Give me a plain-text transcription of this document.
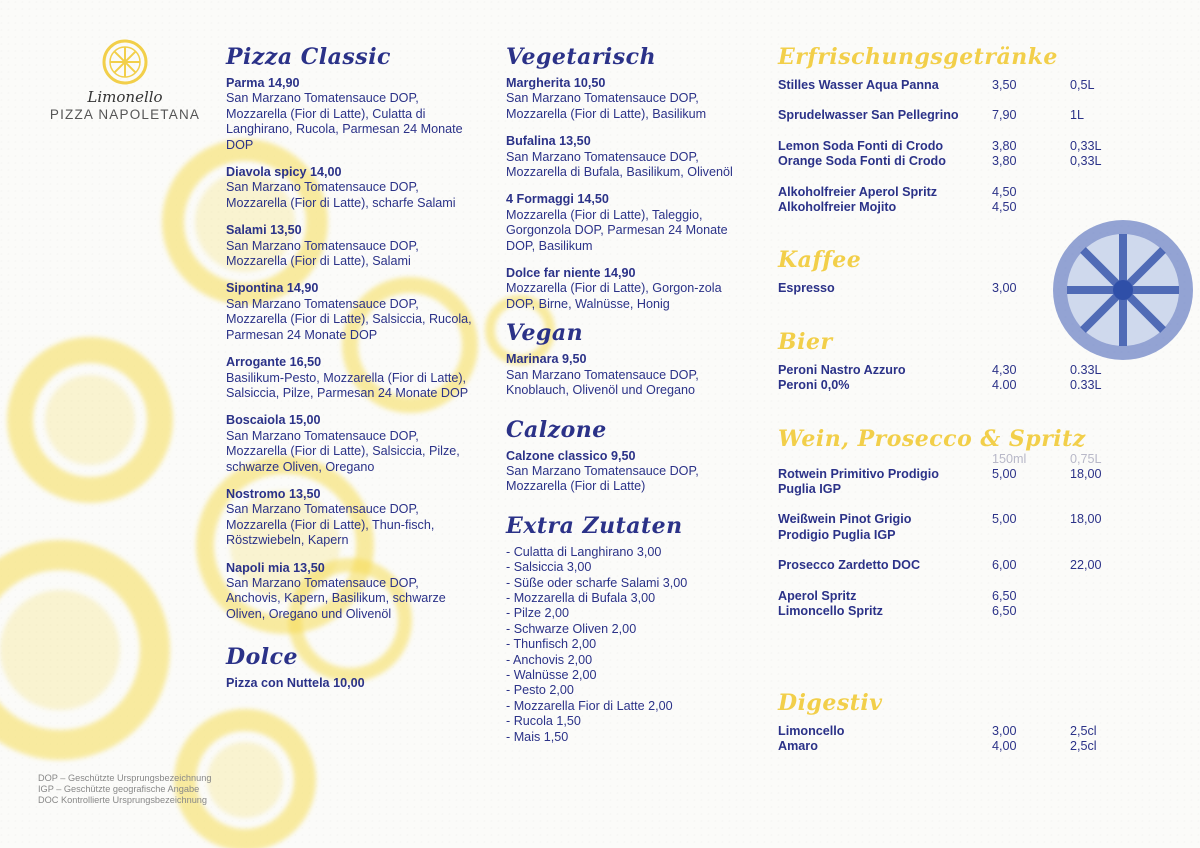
Limonello
PIZZA NAPOLETANA
Pizza Classic
Parma 14,90
San Marzano Tomatensauce DOP, Mozzarella (Fior di Latte), Culatta di Langhirano, Rucola, Parmesan 24 Monate DOP
Diavola spicy 14,00
San Marzano Tomatensauce DOP, Mozzarella (Fior di Latte), scharfe Salami
Salami 13,50
San Marzano Tomatensauce DOP, Mozzarella (Fior di Latte), Salami
Sipontina 14,90
San Marzano Tomatensauce DOP, Mozzarella (Fior di Latte), Salsiccia, Rucola, Parmesan 24 Monate DOP
Arrogante 16,50
Basilikum-Pesto, Mozzarella (Fior di Latte), Salsiccia, Pilze, Parmesan 24 Monate DOP
Boscaiola 15,00
San Marzano Tomatensauce DOP, Mozzarella (Fior di Latte), Salsiccia, Pilze, schwarze Oliven, Oregano
Nostromo 13,50
San Marzano Tomatensauce DOP, Mozzarella (Fior di Latte), Thun-fisch, Röstzwiebeln, Kapern
Napoli mia 13,50
San Marzano Tomatensauce DOP, Anchovis, Kapern, Basilikum, schwarze Oliven, Oregano und Olivenöl
Dolce
Pizza con Nuttela 10,00
Vegetarisch
Margherita 10,50
San Marzano Tomatensauce DOP, Mozzarella (Fior di Latte), Basilikum
Bufalina 13,50
San Marzano Tomatensauce DOP, Mozzarella di Bufala, Basilikum, Olivenöl
4 Formaggi 14,50
Mozzarella (Fior di Latte), Taleggio, Gorgonzola DOP, Parmesan 24 Monate DOP, Basilikum
Dolce far niente 14,90
Mozzarella (Fior di Latte), Gorgon-zola DOP, Birne, Walnüsse, Honig
Vegan
Marinara 9,50
San Marzano Tomatensauce DOP, Knoblauch, Olivenöl und Oregano
Calzone
Calzone classico 9,50
San Marzano Tomatensauce DOP, Mozzarella (Fior di Latte)
Extra Zutaten
- Culatta di Langhirano 3,00
- Salsiccia 3,00
- Süße oder scharfe Salami 3,00
- Mozzarella di Bufala 3,00
- Pilze 2,00
- Schwarze Oliven 2,00
- Thunfisch 2,00
- Anchovis 2,00
- Walnüsse 2,00
- Pesto 2,00
- Mozzarella Fior di Latte 2,00
- Rucola 1,50
- Mais 1,50
Erfrischungsgetränke
Stilles Wasser Aqua Panna	3,50	0,5L
Sprudelwasser San Pellegrino	7,90	1L
Lemon Soda Fonti di Crodo	3,80	0,33L
Orange Soda Fonti di Crodo	3,80	0,33L
Alkoholfreier Aperol Spritz	4,50
Alkoholfreier Mojito	4,50
Kaffee
Espresso	3,00
Bier
Peroni Nastro Azzuro	4,30	0.33L
Peroni 0,0%	4.00	0.33L
Wein, Prosecco & Spritz
150ml	0,75L
Rotwein Primitivo Prodigio	5,00	18,00
Puglia IGP
Weißwein Pinot Grigio	5,00	18,00
Prodigio Puglia IGP
Prosecco Zardetto DOC	6,00	22,00
Aperol Spritz	6,50
Limoncello Spritz	6,50
Digestiv
Limoncello	3,00	2,5cl
Amaro	4,00	2,5cl
DOP – Geschützte Ursprungsbezeichnung
IGP – Geschützte geografische Angabe
DOC Kontrollierte Ursprungsbezeichnung
